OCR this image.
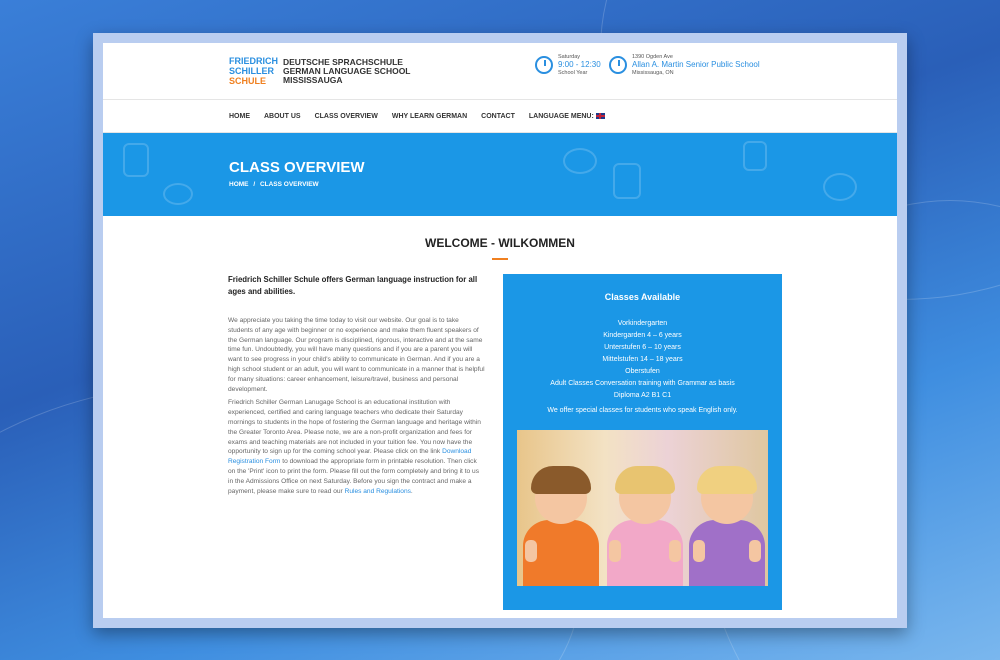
FRIEDRICH
SCHILLER
SCHULE
DEUTSCHE SPRACHSCHULE
GERMAN LANGUAGE SCHOOL
MISSISSAUGA
Saturday
9:00 - 12:30
School Year
1390 Ogden Ave
Allan A. Martin Senior Public School
Mississauga, ON
HOME ABOUT US CLASS OVERVIEW WHY LEARN GERMAN CONTACT LANGUAGE MENU:
CLASS OVERVIEW
HOME / CLASS OVERVIEW
WELCOME - WILKOMMEN

Friedrich Schiller Schule offers German language instruction for all ages and abilities.

We appreciate you taking the time today to visit our website. Our goal is to take students of any age with beginner or no experience and make them fluent speakers of the German language. Our program is disciplined, rigorous, interactive and at the same time fun. Undoubtedly, you will have many questions and if you are a parent you will want to see progress in your child's ability to communicate in German. And if you are a high school student or an adult, you will want to communicate in a manner that is helpful for many situations: career enhancement, leisure/travel, business and personal development.

Friedrich Schiller German Lanugage School is an educational institution with experienced, certified and caring language teachers who dedicate their Saturday mornings to students in the hope of fostering the German language and heritage within the Greater Toronto Area. Please note, we are a non-profit organization and fees for exams and teaching materials are not included in your tuition fee. You now have the opportunity to sign up for the coming school year. Please click on the link Download Registration Form to download the appropriate form in printable resolution. Then click on the 'Print' icon to print the form. Please fill out the form completely and bring it to us in the Admissions Office on next Saturday. Before you sign the contract and make a payment, please make sure to read our Rules and Regulations.

Classes Available
Vorkindergarten
Kindergarden 4 – 6 years
Unterstufen 6 – 10 years
Mittelstufen 14 – 18 years
Oberstufen
Adult Classes Conversation training with Grammar as basis
Diploma A2 B1 C1
We offer special classes for students who speak English only.
